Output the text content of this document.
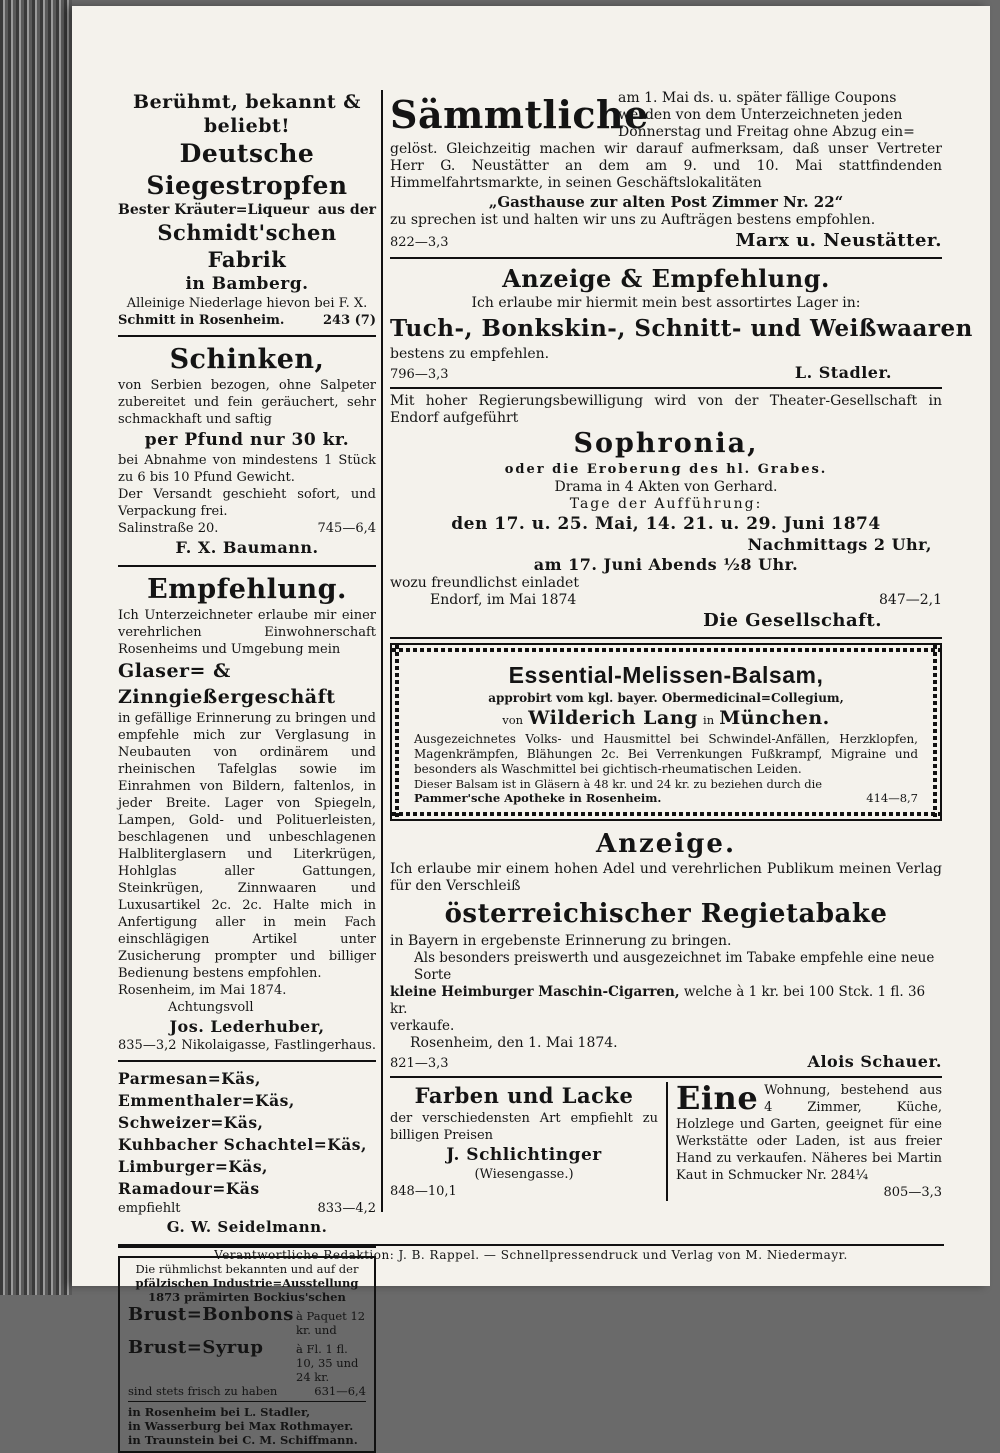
Berühmt, bekannt & beliebt!
Deutsche Siegestropfen
Bester Kräuter=Liqueur aus der
Schmidt'schen Fabrik
in Bamberg.
Alleinige Niederlage hievon bei F. X.
Schmitt in Rosenheim.	243 (7)
Schinken,
von Serbien bezogen, ohne Salpeter zubereitet und fein geräuchert, sehr schmackhaft und saftig
per Pfund nur 30 kr.
bei Abnahme von mindestens 1 Stück zu 6 bis 10 Pfund Gewicht.
Der Versandt geschieht sofort, und Verpackung frei.
Salinstraße 20.	745—6,4
F. X. Baumann.
Empfehlung.
Ich Unterzeichneter erlaube mir einer verehrlichen Einwohnerschaft Rosenheims und Umgebung mein
Glaser= & Zinngießergeschäft
in gefällige Erinnerung zu bringen und empfehle mich zur Verglasung in Neubauten von ordinärem und rheinischen Tafelglas sowie im Einrahmen von Bildern, faltenlos, in jeder Breite. Lager von Spiegeln, Lampen, Gold- und Polituerleisten, beschlagenen und unbeschlagenen Halbliterglasern und Literkrügen, Hohlglas aller Gattungen, Steinkrügen, Zinnwaaren und Luxusartikel 2c. 2c. Halte mich in Anfertigung aller in mein Fach einschlägigen Artikel unter Zusicherung prompter und billiger Bedienung bestens empfohlen.
Rosenheim, im Mai 1874.
Achtungsvoll
Jos. Lederhuber,
835—3,2 Nikolaigasse, Fastlingerhaus.
Parmesan=Käs,
Emmenthaler=Käs,
Schweizer=Käs,
Kuhbacher Schachtel=Käs,
Limburger=Käs,
Ramadour=Käs
empfiehlt	833—4,2
G. W. Seidelmann.
Die rühmlichst bekannten und auf der
pfälzischen Industrie=Ausstellung
1873 prämirten Bockius'schen
Brust=Bonbons à Paquet 12 kr. und
Brust=Syrup	à Fl. 1 fl. 10, 35 und 24 kr.
sind stets frisch zu haben	631—6,4
in Rosenheim bei L. Stadler,
in Wasserburg bei Max Rothmayer.
in Traunstein bei C. M. Schiffmann.
Sämmtliche
am 1. Mai ds. u. später fällige Coupons
werden von dem Unterzeichneten jeden
Donnerstag und Freitag ohne Abzug ein=
gelöst. Gleichzeitig machen wir darauf aufmerksam, daß unser Vertreter Herr G. Neustätter an dem am 9. und 10. Mai stattfindenden Himmelfahrtsmarkte, in seinen Geschäftslokalitäten
„Gasthause zur alten Post Zimmer Nr. 22“
zu sprechen ist und halten wir uns zu Aufträgen bestens empfohlen.
822—3,3	Marx u. Neustätter.
Anzeige & Empfehlung.
Ich erlaube mir hiermit mein best assortirtes Lager in:
Tuch-, Bonkskin-, Schnitt- und Weißwaaren
bestens zu empfehlen.
796—3,3	L. Stadler.
Mit hoher Regierungsbewilligung wird von der Theater-Gesellschaft in Endorf aufgeführt
Sophronia,
oder die Eroberung des hl. Grabes.
Drama in 4 Akten von Gerhard.
Tage der Aufführung:
den 17. u. 25. Mai, 14. 21. u. 29. Juni 1874
Nachmittags 2 Uhr,
am 17. Juni Abends ½8 Uhr.
wozu freundlichst einladet
Endorf, im Mai 1874	847—2,1
Die Gesellschaft.
Essential-Melissen-Balsam,
approbirt vom kgl. bayer. Obermedicinal=Collegium,
von Wilderich Lang in München.
Ausgezeichnetes Volks- und Hausmittel bei Schwindel-Anfällen, Herzklopfen, Magenkrämpfen, Blähungen 2c. Bei Verrenkungen Fußkrampf, Migraine und besonders als Waschmittel bei gichtisch-rheumatischen Leiden.
Dieser Balsam ist in Gläsern à 48 kr. und 24 kr. zu beziehen durch die
Pammer'sche Apotheke in Rosenheim.	414—8,7
Anzeige.
Ich erlaube mir einem hohen Adel und verehrlichen Publikum meinen Verlag für den Verschleiß
österreichischer Regietabake
in Bayern in ergebenste Erinnerung zu bringen.
Als besonders preiswerth und ausgezeichnet im Tabake empfehle eine neue Sorte
kleine Heimburger Maschin-Cigarren, welche à 1 kr. bei 100 Stck. 1 fl. 36 kr.
verkaufe.
Rosenheim, den 1. Mai 1874.
821—3,3	Alois Schauer.
Farben und Lacke
der verschiedensten Art empfiehlt zu billigen Preisen
J. Schlichtinger
(Wiesengasse.)
848—10,1
Eine Wohnung, bestehend aus 4 Zimmer, Küche, Holzlege und Garten, geeignet für eine Werkstätte oder Laden, ist aus freier Hand zu verkaufen. Näheres bei Martin Kaut in Schmucker Nr. 284¼
805—3,3
Verantwortliche Redaktion: J. B. Rappel. — Schnellpressendruck und Verlag von M. Niedermayr.
